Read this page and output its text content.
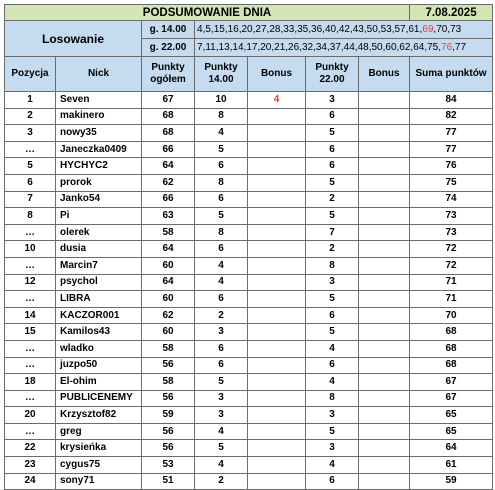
PODSUMOWANIE DNIA							7.08.2025
Losowanie		g. 14.00	4,5,15,16,20,27,28,33,35,36,40,42,43,50,53,57,61,69,70,73				
		g. 22.00	7,11,13,14,17,20,21,26,32,34,37,44,48,50,60,62,64,75,76,77				
Pozycja	Nick	Punkty ogółem	Punkty 14.00	Bonus	Punkty 22.00	Bonus	Suma punktów
1	Seven	67	10	4	3		84
2	makinero	68	8		6		82
3	nowy35	68	4		5		77
…	Janeczka0409	66	5		6		77
5	HYCHYC2	64	6		6		76
6	prorok	62	8		5		75
7	Janko54	66	6		2		74
8	Pi	63	5		5		73
…	olerek	58	8		7		73
10	dusia	64	6		2		72
…	Marcin7	60	4		8		72
12	psychol	64	4		3		71
…	LIBRA	60	6		5		71
14	KACZOR001	62	2		6		70
15	Kamilos43	60	3		5		68
…	wladko	58	6		4		68
…	juzpo50	56	6		6		68
18	El-ohim	58	5		4		67
…	PUBLICENEMY	56	3		8		67
20	Krzysztof82	59	3		3		65
…	greg	56	4		5		65
22	krysieńka	56	5		3		64
23	cygus75	53	4		4		61
24	sony71	51	2		6		59
